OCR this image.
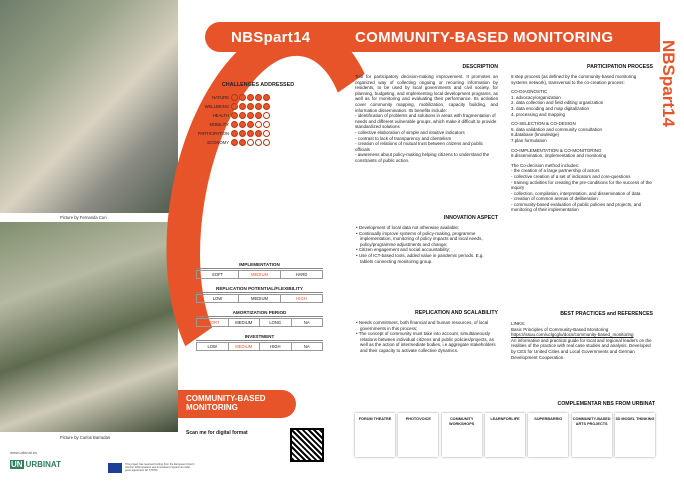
Picture by Fernanda Curi
Picture by Carlos Barradas
NBSpart14	COMMUNITY-BASED MONITORING
NBSpart14
CHALLENGES ADDRESSED
NATURE
WELLBEING
HEALTH
MOBILITY
PARTICIPATION
ECONOMY
IMPLEMENTATION
SOFT	MEDIUM	HARD
REPLICATION POTENTIAL/FLEXIBILITY
LOW	MEDIUM	HIGH
AMORTIZATION PERIOD
SHORT	MEDIUM	LONG	NA
INVESTMENT
LOW	MEDIUM	HIGH	NA
COMMUNITY-BASED MONITORING
Scan me for digital format
www.urbinat.eu
UN URBINAT	This project has received funding from the European Union's Horizon 2020 research and innovation programme under grant agreement No 776783.
DESCRIPTION
Tool for participatory decision-making improvement. It promotes an organized way of collecting ongoing or recurring information by residents, to be used by local governments and civil society, for planning, budgeting, and implementing local development programs, as well as for monitoring and evaluating their performance. Its activities cover community mapping, mobilization, capacity building, and information dissemination. Its benefits include:
- identification of problems and solutions in areas with fragmentation of needs and different vulnerable groups, which make it difficult to provide standardized solutions
- collective elaboration of simple and intuitive indicators
- contrast to lack of transparency and clientelism
- creation of relations of mutual trust between citizens and public officials
- awareness about policy-making helping citizens to understand the constraints of public action.
INNOVATION ASPECT
• Development of local data not otherwise available;
• Continually improve systems of policy-making, programme implementation, monitoring of policy impacts and local needs, policy/programme adjustments and change;
• Citizen engagement and social accountability;
• Use of ICT-based tools, added value in pandemic periods. E.g. tablets connecting monitoring group.
REPLICATION AND SCALABILITY
• Needs commitment, both financial and human resources, of local governments in this process;
• The concept of community must take into account, simultaneously relations between individual citizens and public policies/projects, as well as the action of intermediate bodies, i.e aggregate stakeholders and their capacity to activate collective dynamics.
PARTICIPATION PROCESS
8 step process (as defined by the community-based monitoring systems network), transversal to the co-creation process:
CO-DIAGNOSTIC
1. advocacy/organization
2. data collection and field editing organization
3. data encoding and map digitalization
4. processing and mapping
CO-SELECTION & CO-DESIGN
5. data validation and community consultation
6.database (knowledge)
7.plan formulation
CO-IMPLEMENTATION & CO-MONITORING
8.dissemination, implementation and monitoring
The Co-decision method includes:
- the creation of a large partnership of actors
- collective creation of a set of indicators and core-questions
- training activities for creating the pre-conditions for the success of the inquiry
- collection, compilation, interpretation, and dissemination of data
- creation of common arenas of deliberation
- community-based evaluation of public policies and projects, and monitoring of their implementation
BEST PRACTICES and REFERENCES
LINKS:
Basic Principles of Community-Based Monitoring
https://issuu.com/uclgcglu/docs/community-based_monitoring
An informative and practical guide for local and regional leaders on the realities of the practice with real case studies and analysis. Developed by CES for United Cities and Local Governments and German Development Cooperation.
COMPLEMENTAR NBS FROM URBINAT
FORUM THEATRE	PHOTOVOICE	COMMUNITY WORKSHOPS
LEARNFORLIFE	SUPERBARRIO	COMMUNITY-BASED ARTS PROJECTS
3D MODEL THINKING
